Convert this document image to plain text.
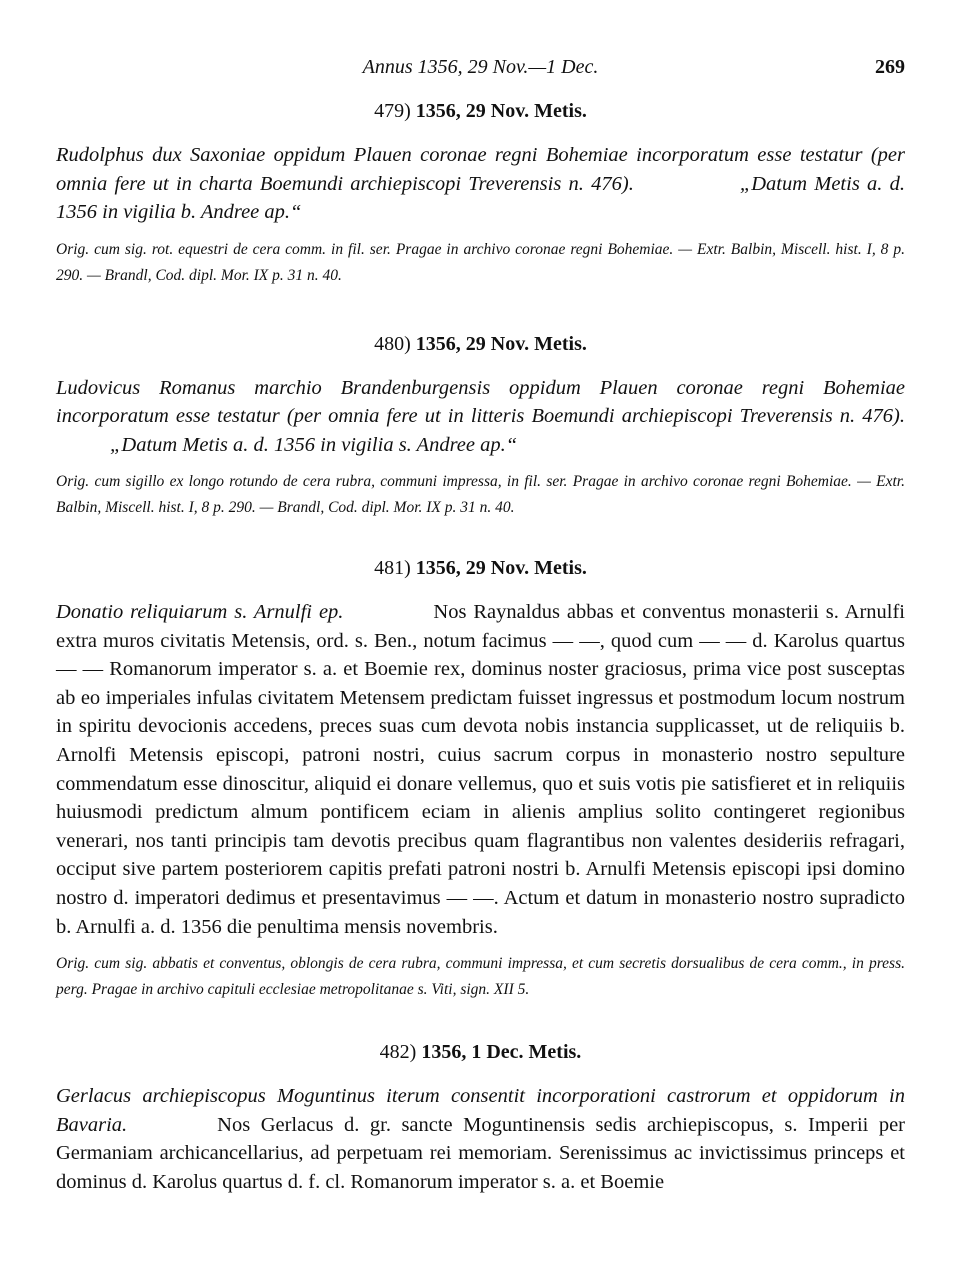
Annus 1356, 29 Nov.—1 Dec.	269
479) 1356, 29 Nov. Metis.

Rudolphus dux Saxoniae oppidum Plauen coronae regni Bohemiae incorporatum esse testatur (per omnia fere ut in charta Boemundi archiepiscopi Treverensis n. 476).	„Datum Metis a. d. 1356 in vigilia b. Andree ap.“

Orig. cum sig. rot. equestri de cera comm. in fil. ser. Pragae in archivo coronae regni Bohemiae. — Extr. Balbin, Miscell. hist. I, 8 p. 290. — Brandl, Cod. dipl. Mor. IX p. 31 n. 40.

480) 1356, 29 Nov. Metis.

Ludovicus Romanus marchio Brandenburgensis oppidum Plauen coronae regni Bohemiae incorporatum esse testatur (per omnia fere ut in litteris Boemundi archiepiscopi Treverensis n. 476).„Datum Metis a. d. 1356 in vigilia s. Andree ap.“

Orig. cum sigillo ex longo rotundo de cera rubra, communi impressa, in fil. ser. Pragae in archivo coronae regni Bohemiae. — Extr. Balbin, Miscell. hist. I, 8 p. 290. — Brandl, Cod. dipl. Mor. IX p. 31 n. 40.

481) 1356, 29 Nov. Metis.

Donatio reliquiarum s. Arnulfi ep.	Nos Raynaldus abbas et conventus monasterii s. Arnulfi extra muros civitatis Metensis, ord. s. Ben., notum facimus — —, quod cum — — d. Karolus quartus — — Romanorum imperator s. a. et Boemie rex, dominus noster graciosus, prima vice post susceptas ab eo imperiales infulas civitatem Metensem predictam fuisset ingressus et postmodum locum nostrum in spiritu devocionis accedens, preces suas cum devota nobis instancia supplicasset, ut de reliquiis b. Arnolfi Metensis episcopi, patroni nostri, cuius sacrum corpus in monasterio nostro sepulture commendatum esse dinoscitur, aliquid ei donare vellemus, quo et suis votis pie satisfieret et in reliquiis huiusmodi predictum almum pontificem eciam in alienis amplius solito contingeret regionibus venerari, nos tanti principis tam devotis precibus quam flagrantibus non valentes desideriis refragari, occiput sive partem posteriorem capitis prefati patroni nostri b. Arnulfi Metensis episcopi ipsi domino nostro d. imperatori dedimus et presentavimus — —. Actum et datum in monasterio nostro supradicto b. Arnulfi a. d. 1356 die penultima mensis novembris.

Orig. cum sig. abbatis et conventus, oblongis de cera rubra, communi impressa, et cum secretis dorsualibus de cera comm., in press. perg. Pragae in archivo capituli ecclesiae metropolitanae s. Viti, sign. XII 5.

482) 1356, 1 Dec. Metis.

Gerlacus archiepiscopus Moguntinus iterum consentit incorporationi castrorum et oppidorum in Bavaria.	Nos Gerlacus d. gr. sancte Moguntinensis sedis archiepiscopus, s. Imperii per Germaniam archicancellarius, ad perpetuam rei memoriam. Serenissimus ac invictissimus princeps et dominus d. Karolus quartus d. f. cl. Romanorum imperator s. a. et Boemie
